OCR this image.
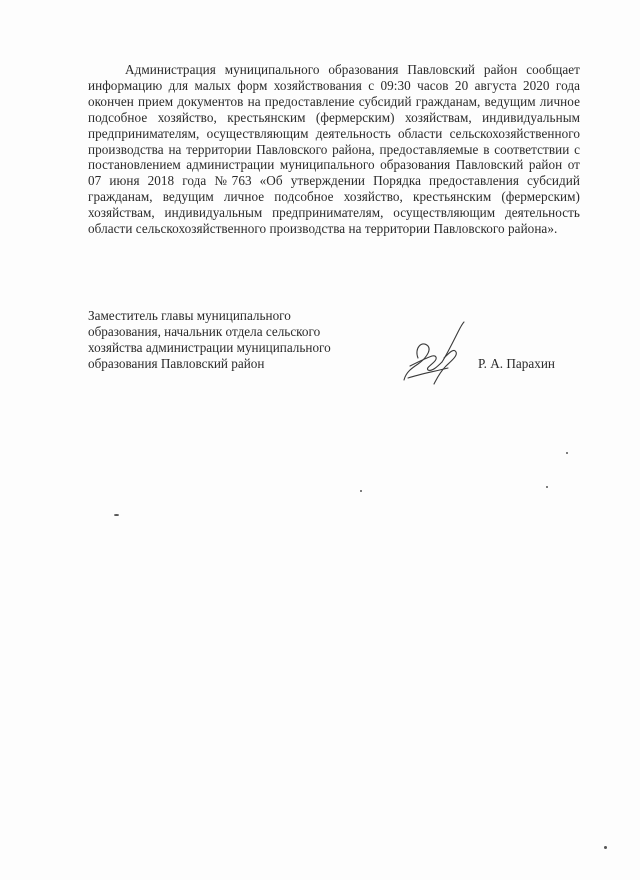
Администрация муниципального образования Павловский район сообщает информацию для малых форм хозяйствования с 09:30 часов 20 августа 2020 года окончен прием документов на предоставление субсидий гражданам, ведущим личное подсобное хозяйство, крестьянским (фермерским) хозяйствам, индивидуальным предпринимателям, осуществляющим деятельность области сельскохозяйственного производства на территории Павловского района, предоставляемые в соответствии с постановлением администрации муниципального образования Павловский район от 07 июня 2018 года №763 «Об утверждении Порядка предоставления субсидий гражданам, ведущим личное подсобное хозяйство, крестьянским (фермерским) хозяйствам, индивидуальным предпринимателям, осуществляющим деятельность области сельскохозяйственного производства на территории Павловского района».

Заместитель главы муниципального
образования, начальник отдела сельского
хозяйства администрации муниципального
образования Павловский район	Р. А. Парахин
